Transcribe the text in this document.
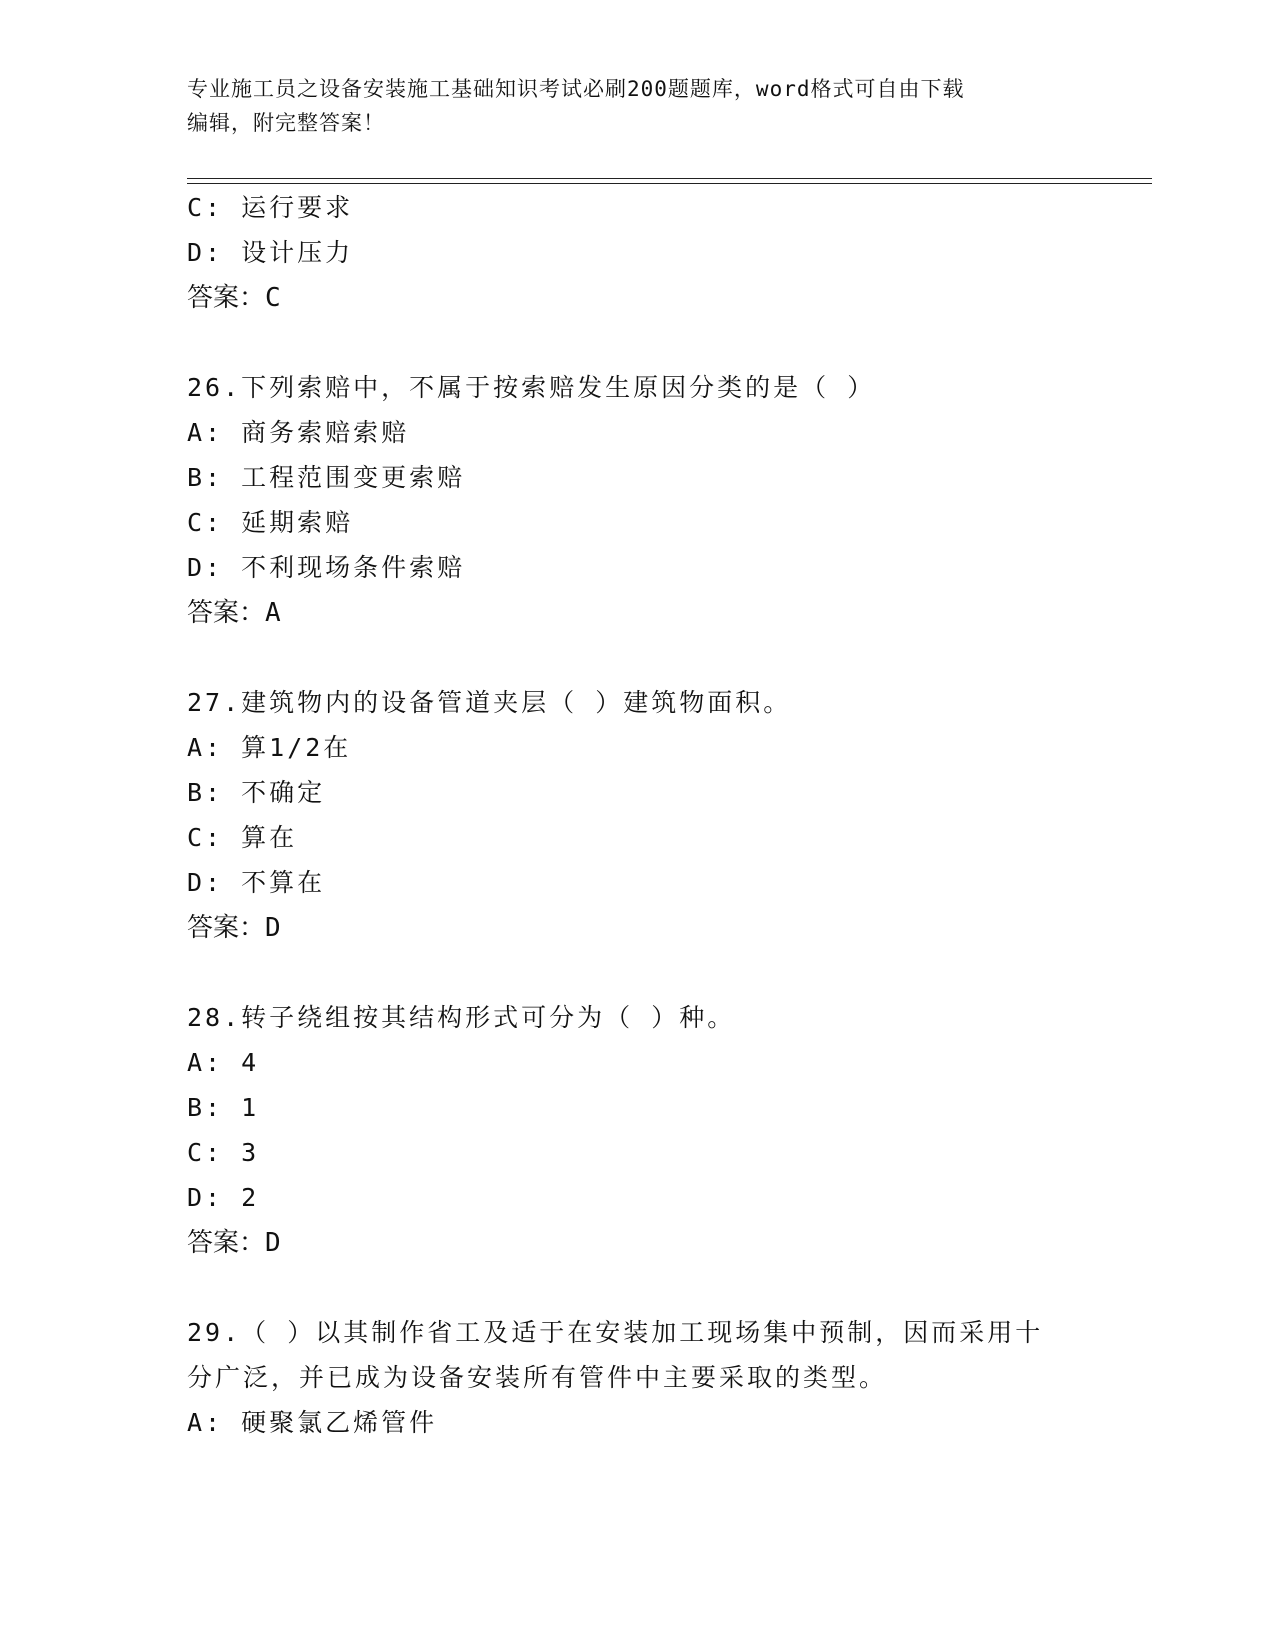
专业施工员之设备安装施工基础知识考试必刷200题题库，word格式可自由下载
编辑，附完整答案！
C: 运行要求
D: 设计压力
答案：C
26.下列索赔中，不属于按索赔发生原因分类的是（ ）
A: 商务索赔索赔
B: 工程范围变更索赔
C: 延期索赔
D: 不利现场条件索赔
答案：A
27.建筑物内的设备管道夹层（ ）建筑物面积。
A: 算1/2在
B: 不确定
C: 算在
D: 不算在
答案：D
28.转子绕组按其结构形式可分为（ ）种。
A: 4
B: 1
C: 3
D: 2
答案：D
29.（ ）以其制作省工及适于在安装加工现场集中预制，因而采用十
分广泛，并已成为设备安装所有管件中主要采取的类型。
A: 硬聚氯乙烯管件
